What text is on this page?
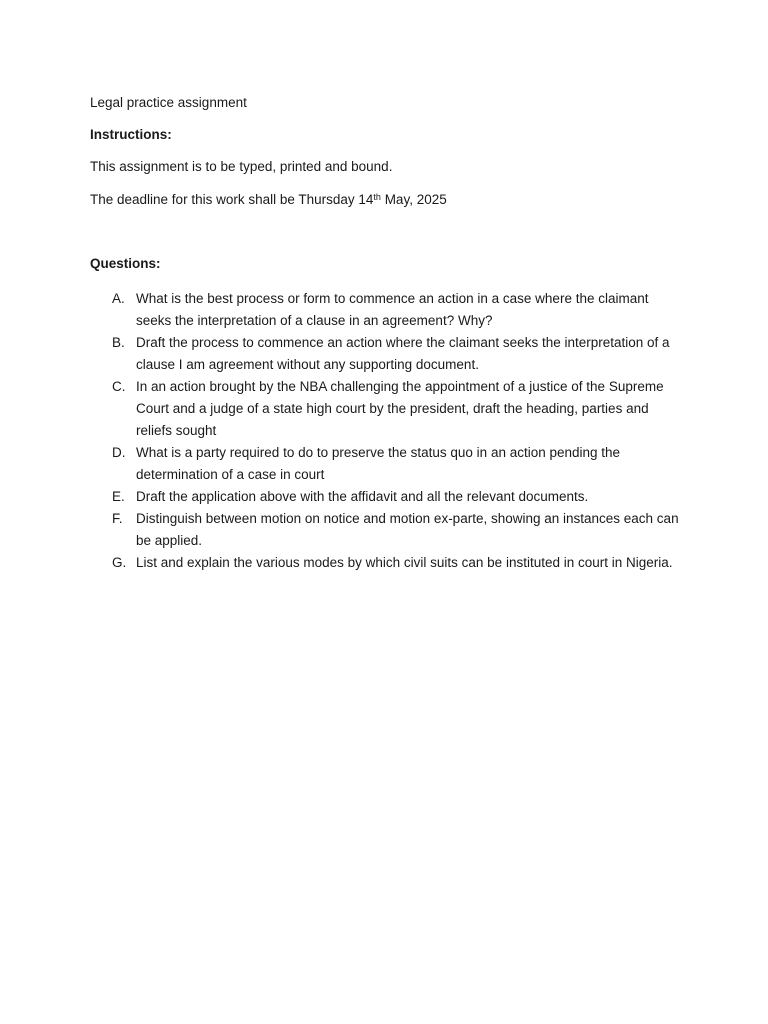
Legal practice assignment
Instructions:
This assignment is to be typed, printed and bound.
The deadline for this work shall be Thursday 14th May, 2025
Questions:
A. What is the best process or form to commence an action in a case where the claimant seeks the interpretation of a clause in an agreement? Why?
B. Draft the process to commence an action where the claimant seeks the interpretation of a clause I am agreement without any supporting document.
C. In an action brought by the NBA challenging the appointment of a justice of the Supreme Court and a judge of a state high court by the president, draft the heading, parties and reliefs sought
D. What is a party required to do to preserve the status quo in an action pending the determination of a case in court
E. Draft the application above with the affidavit and all the relevant documents.
F. Distinguish between motion on notice and motion ex-parte, showing an instances each can be applied.
G. List and explain the various modes by which civil suits can be instituted in court in Nigeria.
